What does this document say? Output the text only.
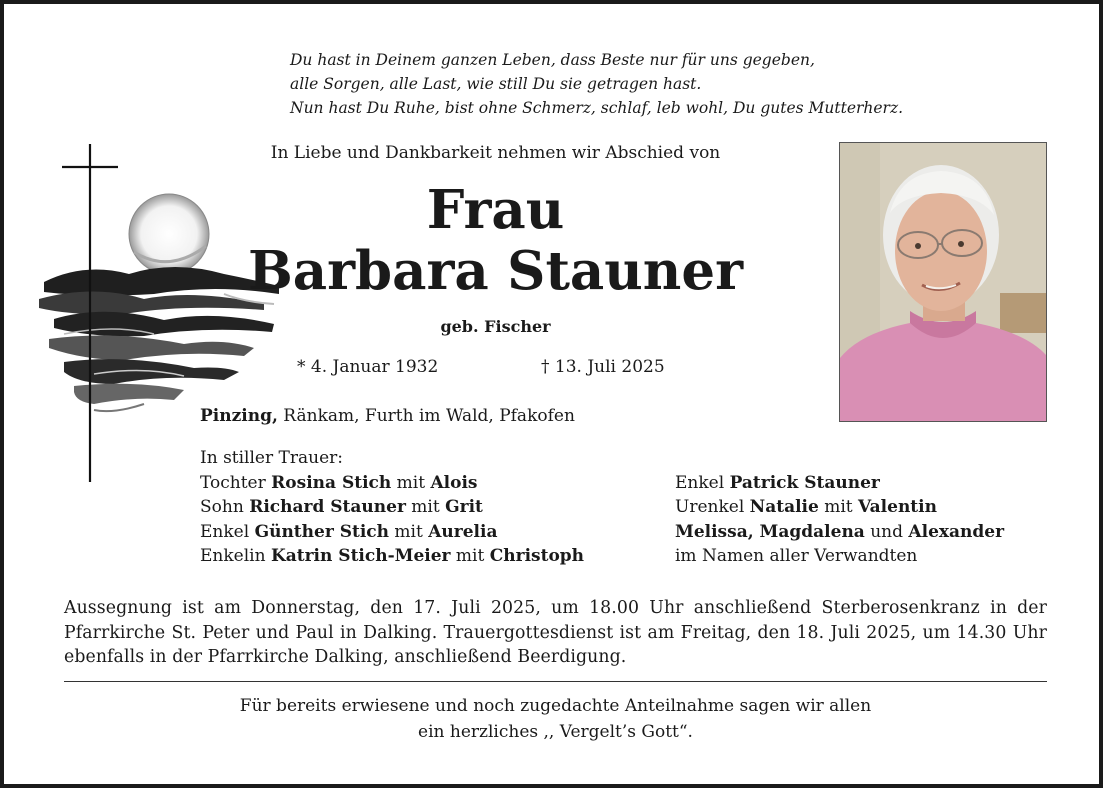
Du hast in Deinem ganzen Leben, dass Beste nur für uns gegeben,
alle Sorgen, alle Last, wie still Du sie getragen hast.
Nun hast Du Ruhe, bist ohne Schmerz, schlaf, leb wohl, Du gutes Mutterherz.
In Liebe und Dankbarkeit nehmen wir Abschied von
Frau
Barbara Stauner
geb. Fischer
* 4. Januar 1932	† 13. Juli 2025
Pinzing, Ränkam, Furth im Wald, Pfakofen
In stiller Trauer:
Tochter Rosina Stich mit Alois
Sohn Richard Stauner mit Grit
Enkel Günther Stich mit Aurelia
Enkelin Katrin Stich-Meier mit Christoph
Enkel Patrick Stauner
Urenkel Natalie mit Valentin
Melissa, Magdalena und Alexander
im Namen aller Verwandten
Aussegnung ist am Donnerstag, den 17. Juli 2025, um 18.00 Uhr anschließend Sterberosenkranz in der Pfarrkirche St. Peter und Paul in Dalking. Trauergottesdienst ist am Freitag, den 18. Juli 2025, um 14.30 Uhr ebenfalls in der Pfarrkirche Dalking, anschließend Beerdigung.
Für bereits erwiesene und noch zugedachte Anteilnahme sagen wir allen
ein herzliches ,, Vergelt’s Gott“.
